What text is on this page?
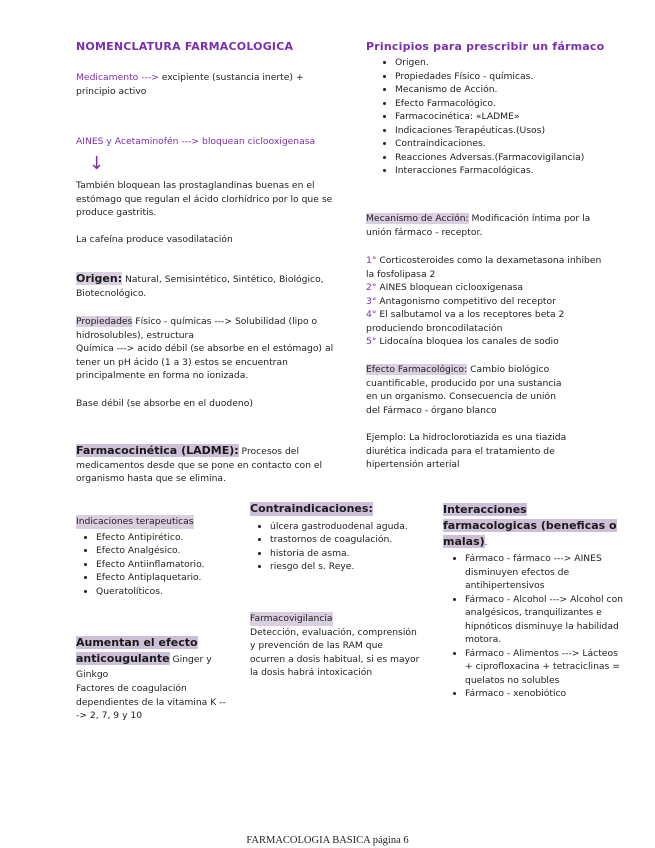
NOMENCLATURA FARMACOLOGICA

Medicamento ---> excipiente (sustancia inerte) + principio activo

AINES y Acetaminofén ---> bloquean ciclooxigenasa

↓

También bloquean las prostaglandinas buenas en el estómago que regulan el ácido clorhídrico por lo que se produce gastritis.

La cafeína produce vasodilatación

Origen: Natural, Semisintético, Sintético, Biológico, Biotecnológico.

Propiedades Físico - químicas ---> Solubilidad (lipo o hidrosolubles), estructura

Química ---> acido débil (se absorbe en el estómago) al tener un pH ácido (1 a 3) estos se encuentran principalmente en forma no ionizada.

Base débil (se absorbe en el duodeno)

Farmacocinética (LADME): Procesos del medicamentos desde que se pone en contacto con el organismo hasta que se elimina.

Indicaciones terapeuticas
• Efecto Antipirético.
• Efecto Analgésico.
• Efecto Antiinflamatorio.
• Efecto Antiplaquetario.
• Queratolíticos.

Aumentan el efecto anticougulante Ginger y Ginkgo

Factores de coagulación dependientes de la vitamina K ---> 2, 7, 9 y 10

Contraindicaciones:
• úlcera gastroduodenal aguda.
• trastornos de coagulación.
• historia de asma.
• riesgo del s. Reye.
Farmacovigilancia

Detección, evaluación, comprensión y prevención de las RAM que ocurren a dosis habitual, si es mayor la dosis habrá intoxicación

Principios para prescribir un fármaco
• Origen.
• Propiedades Físico - químicas.
• Mecanismo de Acción.
• Efecto Farmacológico.
• Farmacocinética: «LADME»
• Indicaciones Terapéuticas.(Usos)
• Contraindicaciones.
• Reacciones Adversas.(Farmacovigilancia)
• Interacciones Farmacológicas.

Mecanismo de Acción: Modificación íntima por la unión fármaco - receptor.

1° Corticosteroides como la dexametasona inhiben la fosfolipasa 2

2° AINES bloquean ciclooxigenasa

3° Antagonismo competitivo del receptor

4° El salbutamol va a los receptores beta 2 produciendo broncodilatación

5° Lidocaína bloquea los canales de sodio

Efecto Farmacológico: Cambio biológico cuantificable, producido por una sustancia en un organismo. Consecuencia de unión del Fármaco - órgano blanco

Ejemplo: La hidroclorotiazida es una tiazida diurética indicada para el tratamiento de hipertensión arterial

Interacciones farmacologicas (beneficas o malas).

• Fármaco - fármaco ---> AINES disminuyen efectos de antihipertensivos
• Fármaco - Alcohol ---> Alcohol con analgésicos, tranquilizantes e hipnóticos disminuye la habilidad motora.
• Fármaco - Alimentos ---> Lácteos + ciprofloxacina + tetraciclinas = quelatos no solubles
• Fármaco - xenobiótico
FARMACOLOGIA BASICA página 6
